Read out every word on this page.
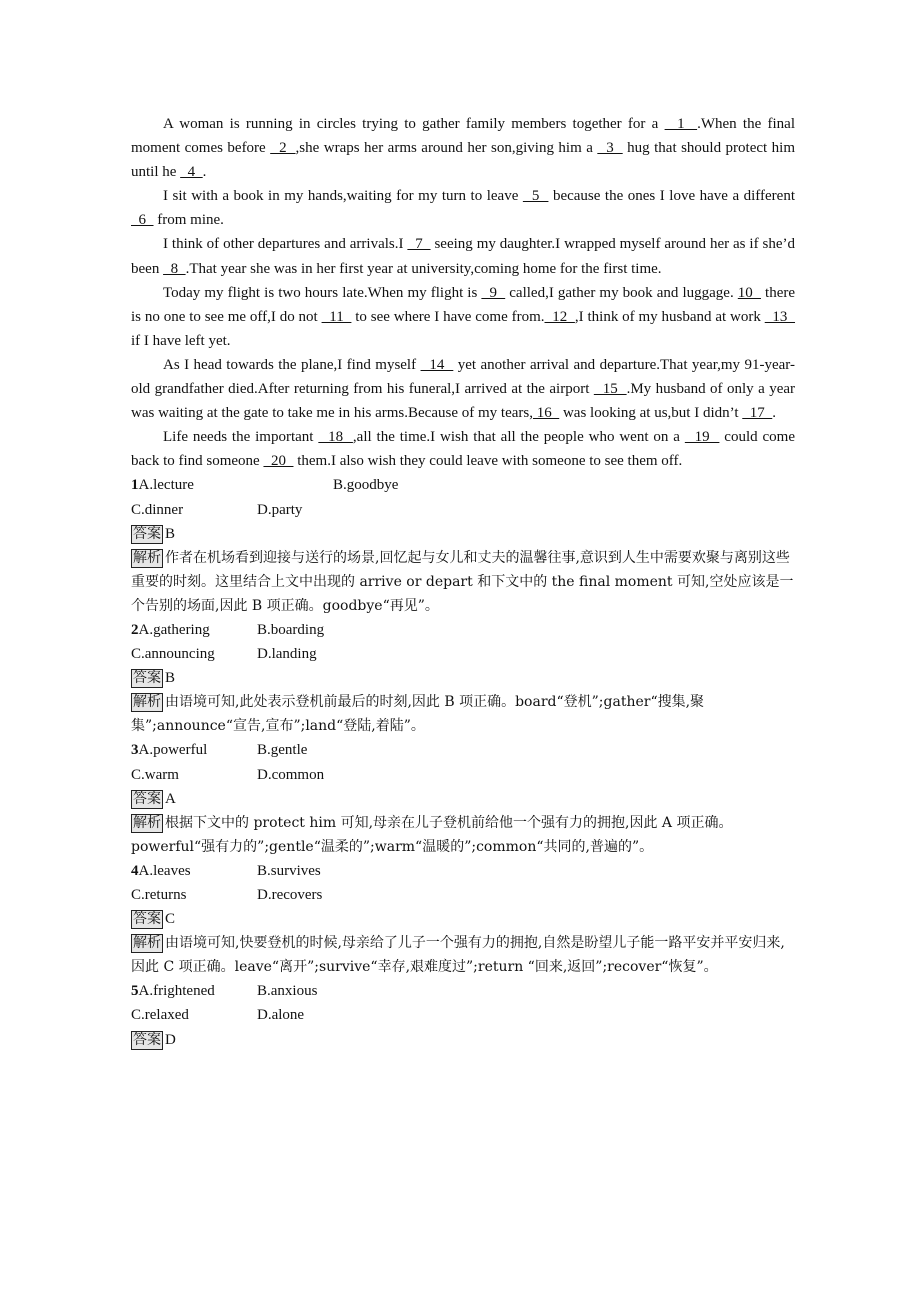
A woman is running in circles trying to gather family members together for a   1  .When the final moment comes before   2  ,she wraps her arms around her son,giving him a   3   hug that should protect him until he   4  .

I sit with a book in my hands,waiting for my turn to leave   5   because the ones I love have a different   6   from mine.

I think of other departures and arrivals.I   7   seeing my daughter.I wrapped myself around her as if she’d been   8  .That year she was in her first year at university,coming home for the first time.

Today my flight is two hours late.When my flight is   9   called,I gather my book and luggage. 10   there is no one to see me off,I do not   11   to see where I have come from.  12  ,I think of my husband at work   13   if I have left yet.

As I head towards the plane,I find myself   14   yet another arrival and departure.That year,my 91-year-old grandfather died.After returning from his funeral,I arrived at the airport   15  .My husband of only a year was waiting at the gate to take me in his arms.Because of my tears, 16   was looking at us,but I didn’t   17  .

Life needs the important   18  ,all the time.I wish that all the people who went on a   19   could come back to find someone   20   them.I also wish they could leave with someone to see them off.

1A.lecture	B.goodbye
C.dinner	D.party
答案 B
解析 作者在机场看到迎接与送行的场景,回忆起与女儿和丈夫的温馨往事,意识到人生中需要欢聚与离别这些重要的时刻。这里结合上文中出现的 arrive or depart 和下文中的 the final moment 可知,空处应该是一个告别的场面,因此 B 项正确。goodbye“再见”。
2A.gathering	B.boarding
C.announcing	D.landing
答案 B
解析 由语境可知,此处表示登机前最后的时刻,因此 B 项正确。board“登机”;gather“搜集,聚集”;announce“宣告,宣布”;land“登陆,着陆”。
3A.powerful	B.gentle
C.warm	D.common
答案 A
解析 根据下文中的 protect him 可知,母亲在儿子登机前给他一个强有力的拥抱,因此 A 项正确。powerful“强有力的”;gentle“温柔的”;warm“温暖的”;common“共同的,普遍的”。
4A.leaves	B.survives
C.returns	D.recovers
答案 C
解析 由语境可知,快要登机的时候,母亲给了儿子一个强有力的拥抱,自然是盼望儿子能一路平安并平安归来,因此 C 项正确。leave“离开”;survive“幸存,艰难度过”;return “回来,返回”;recover“恢复”。
5A.frightened	B.anxious
C.relaxed	D.alone
答案 D
